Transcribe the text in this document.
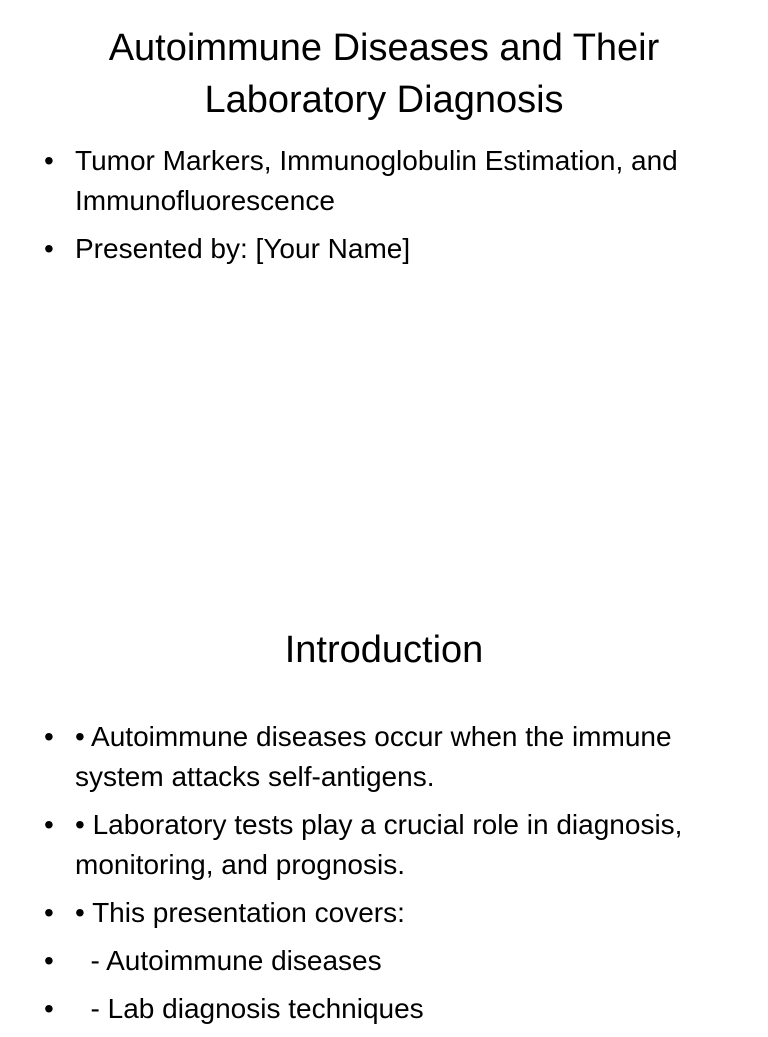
Autoimmune Diseases and Their Laboratory Diagnosis
• Tumor Markers, Immunoglobulin Estimation, and Immunofluorescence
• Presented by: [Your Name]
Introduction
• • Autoimmune diseases occur when the immune system attacks self-antigens.
• • Laboratory tests play a crucial role in diagnosis, monitoring, and prognosis.
• • This presentation covers:
• - Autoimmune diseases
• - Lab diagnosis techniques
